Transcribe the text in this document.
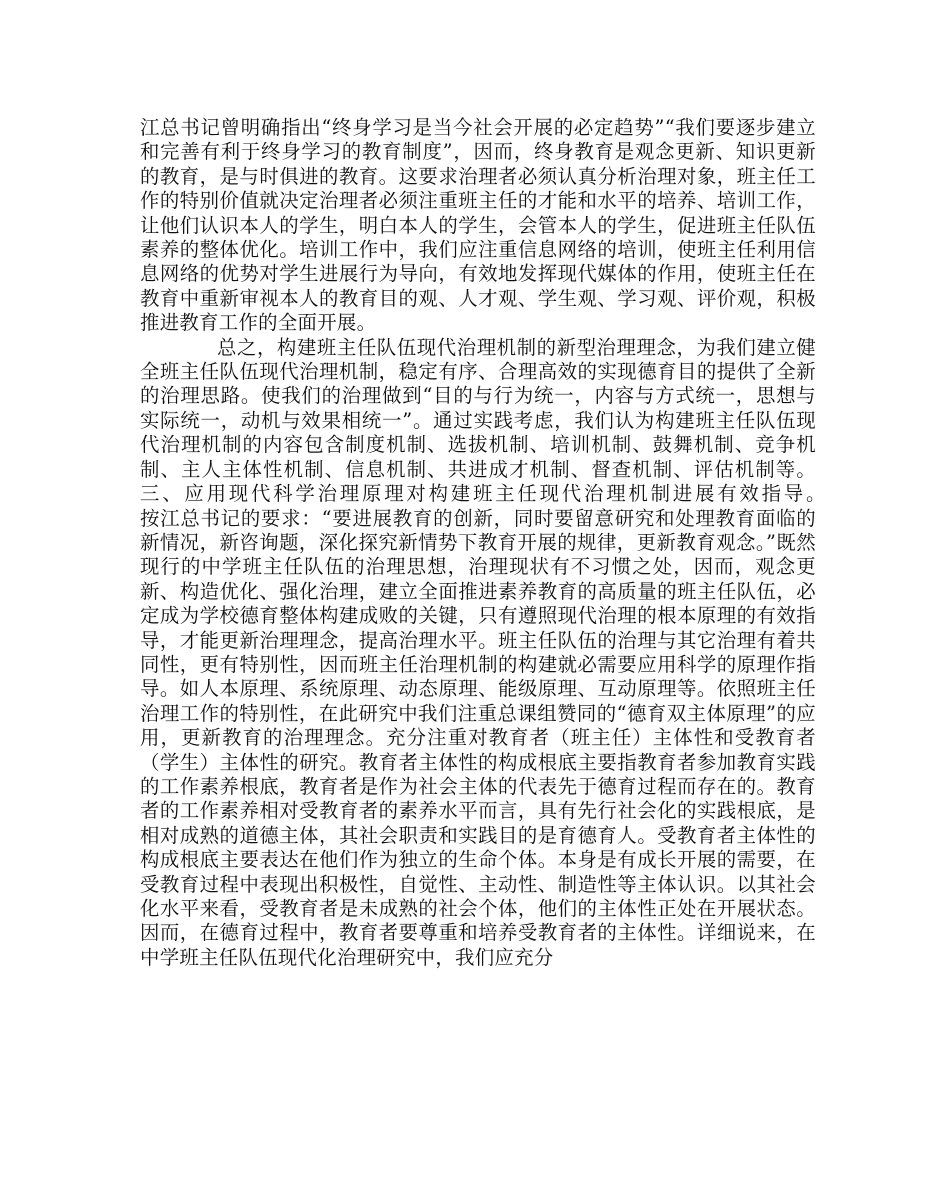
江总书记曾明确指出“终身学习是当今社会开展的必定趋势”“我们要逐步建立和完善有利于终身学习的教育制度”，因而，终身教育是观念更新、知识更新的教育，是与时俱进的教育。这要求治理者必须认真分析治理对象，班主任工作的特别价值就决定治理者必须注重班主任的才能和水平的培养、培训工作，让他们认识本人的学生，明白本人的学生，会管本人的学生，促进班主任队伍素养的整体优化。培训工作中，我们应注重信息网络的培训，使班主任利用信息网络的优势对学生进展行为导向，有效地发挥现代媒体的作用，使班主任在教育中重新审视本人的教育目的观、人才观、学生观、学习观、评价观，积极推进教育工作的全面开展。

总之，构建班主任队伍现代治理机制的新型治理理念，为我们建立健全班主任队伍现代治理机制，稳定有序、合理高效的实现德育目的提供了全新的治理思路。使我们的治理做到“目的与行为统一，内容与方式统一，思想与实际统一，动机与效果相统一”。通过实践考虑，我们认为构建班主任队伍现代治理机制的内容包含制度机制、选拔机制、培训机制、鼓舞机制、竞争机制、主人主体性机制、信息机制、共进成才机制、督查机制、评估机制等。三、应用现代科学治理原理对构建班主任现代治理机制进展有效指导。　　　　按江总书记的要求：“要进展教育的创新，同时要留意研究和处理教育面临的新情况，新咨询题，深化探究新情势下教育开展的规律，更新教育观念。”既然现行的中学班主任队伍的治理思想，治理现状有不习惯之处，因而，观念更新、构造优化、强化治理，建立全面推进素养教育的高质量的班主任队伍，必定成为学校德育整体构建成败的关键，只有遵照现代治理的根本原理的有效指导，才能更新治理理念，提高治理水平。班主任队伍的治理与其它治理有着共同性，更有特别性，因而班主任治理机制的构建就必需要应用科学的原理作指导。如人本原理、系统原理、动态原理、能级原理、互动原理等。依照班主任治理工作的特别性，在此研究中我们注重总课组赞同的“德育双主体原理”的应用，更新教育的治理理念。充分注重对教育者（班主任）主体性和受教育者（学生）主体性的研究。教育者主体性的构成根底主要指教育者参加教育实践的工作素养根底，教育者是作为社会主体的代表先于德育过程而存在的。教育者的工作素养相对受教育者的素养水平而言，具有先行社会化的实践根底，是相对成熟的道德主体，其社会职责和实践目的是育德育人。受教育者主体性的构成根底主要表达在他们作为独立的生命个体。本身是有成长开展的需要，在受教育过程中表现出积极性，自觉性、主动性、制造性等主体认识。以其社会化水平来看，受教育者是未成熟的社会个体，他们的主体性正处在开展状态。因而，在德育过程中，教育者要尊重和培养受教育者的主体性。详细说来，在中学班主任队伍现代化治理研究中，我们应充分
